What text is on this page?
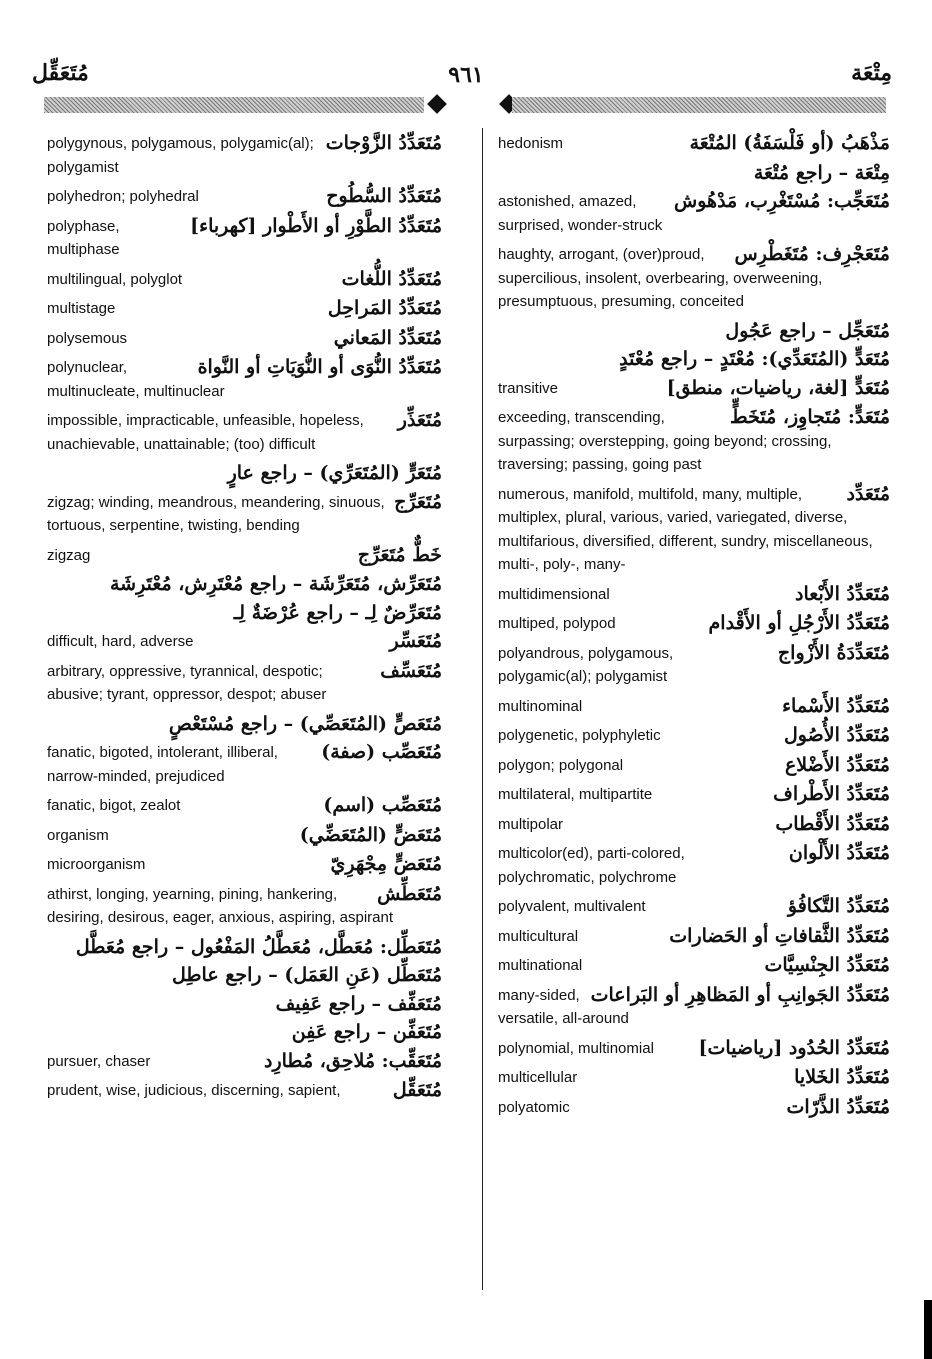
مُتَعَقِّل	٩٦١	مِتْعَة
مُتَعَدِّدُ الزَّوْجات
polygynous, polygamous, polygamic(al); polygamist
مُتَعَدِّدُ السُّطُوح
polyhedron; polyhedral
مُتَعَدِّدُ الطَّوْرِ أو الأَطْوار [كهرباء]
polyphase, multiphase
مُتَعَدِّدُ اللُّغات
multilingual, polyglot
مُتَعَدِّدُ المَراحِل
multistage
مُتَعَدِّدُ المَعاني
polysemous
مُتَعَدِّدُ النُّوَى أو النُّوَيَاتِ أو النَّواة
polynuclear, multinucleate, multinuclear
مُتَعَذِّر
impossible, impracticable, unfeasible, hopeless, unachievable, unattainable; (too) difficult
مُتَعَرٍّ (المُتَعَرِّي) – راجع عارٍ
مُتَعَرِّج
zigzag; winding, meandrous, meandering, sinuous, tortuous, serpentine, twisting, bending
خَطٌّ مُتَعَرِّج
zigzag
مُتَعَرِّش، مُتَعَرِّشَة – راجع مُعْتَرِش، مُعْتَرِشَة
مُتَعَرِّضٌ لِـ – راجع عُرْضَةٌ لِـ
مُتَعَسِّر
difficult, hard, adverse
مُتَعَسِّف
arbitrary, oppressive, tyrannical, despotic; abusive; tyrant, oppressor, despot; abuser
مُتَعَصٍّ (المُتَعَصِّي) – راجع مُسْتَعْصٍ
مُتَعَصِّب (صفة)
fanatic, bigoted, intolerant, illiberal, narrow-minded, prejudiced
مُتَعَصِّب (اسم)
fanatic, bigot, zealot
مُتَعَضٍّ (المُتَعَضِّي)
organism
مُتَعَضٍّ مِجْهَرِيّ
microorganism
مُتَعَطِّش
athirst, longing, yearning, pining, hankering, desiring, desirous, eager, anxious, aspiring, aspirant
مُتَعَطِّل: مُعَطَّل، مُعَطَّلُ المَفْعُول – راجع مُعَطَّل
مُتَعَطِّل (عَنِ العَمَل) – راجع عاطِل
مُتَعَفِّف – راجع عَفِيف
مُتَعَفِّن – راجع عَفِن
مُتَعَقِّب: مُلاحِق، مُطارِد
pursuer, chaser
مُتَعَقِّل
prudent, wise, judicious, discerning, sapient,
مَذْهَبُ (أو فَلْسَفَةُ) المُتْعَة
hedonism
مِتْعَة – راجع مُتْعَة
مُتَعَجِّب: مُسْتَغْرِب، مَدْهُوش
astonished, amazed, surprised, wonder-struck
مُتَعَجْرِف: مُتَغَطْرِس
haughty, arrogant, (over)proud, supercilious, insolent, overbearing, overweening, presumptuous, presuming, conceited
مُتَعَجِّل – راجع عَجُول
مُتَعَدٍّ (المُتَعَدِّي): مُعْتَدٍ – راجع مُعْتَدٍ
مُتَعَدٍّ [لغة، رياضيات، منطق]
transitive
مُتَعَدٍّ: مُتَجاوِز، مُتَخَطٍّ
exceeding, transcending, surpassing; overstepping, going beyond; crossing, traversing; passing, going past
مُتَعَدِّد
numerous, manifold, multifold, many, multiple, multiplex, plural, various, varied, variegated, diverse, multifarious, diversified, different, sundry, miscellaneous, multi-, poly-, many-
مُتَعَدِّدُ الأَبْعاد
multidimensional
مُتَعَدِّدُ الأَرْجُلِ أو الأَقْدام
multiped, polypod
مُتَعَدِّدَةُ الأَزْواج
polyandrous, polygamous, polygamic(al); polygamist
مُتَعَدِّدُ الأَسْماء
multinominal
مُتَعَدِّدُ الأُصُول
polygenetic, polyphyletic
مُتَعَدِّدُ الأَضْلاع
polygon; polygonal
مُتَعَدِّدُ الأَطْراف
multilateral, multipartite
مُتَعَدِّدُ الأَقْطاب
multipolar
مُتَعَدِّدُ الأَلْوان
multicolor(ed), parti-colored, polychromatic, polychrome
مُتَعَدِّدُ التَّكافُؤ
polyvalent, multivalent
مُتَعَدِّدُ الثَّقافاتِ أو الحَضارات
multicultural
مُتَعَدِّدُ الجِنْسِيَّات
multinational
مُتَعَدِّدُ الجَوانِبِ أو المَظاهِرِ أو البَراعات
many-sided, versatile, all-around
مُتَعَدِّدُ الحُدُود [رياضيات]
polynomial, multinomial
مُتَعَدِّدُ الخَلايا
multicellular
مُتَعَدِّدُ الذَّرّات
polyatomic
